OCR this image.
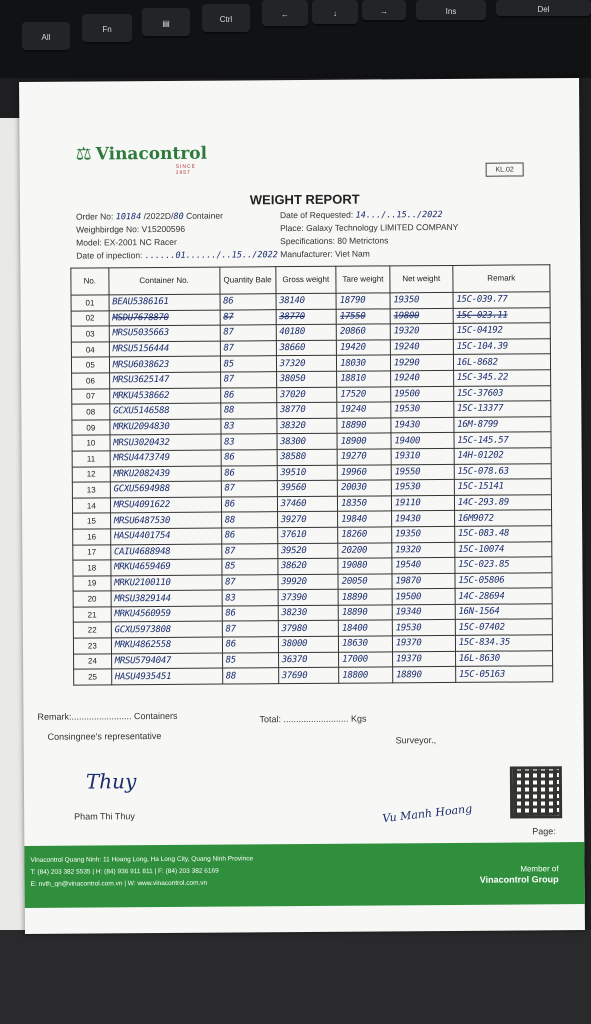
All
Fn
▤	Ctrl
←	↓	→	Ins	Del
⚖ Vinacontrol
SINCE 1957	KL.02
WEIGHT REPORT
Order No: 10184 /2022D/80 Container
Weighbirdge No: V15200596
Model: EX-2001 NC Racer
Date of inpection: ......01....../..15../2022
Date of Requested: 14.../..15../2022
Place: Galaxy Technology LIMITED COMPANY
Specifications: 80 Metrictons
Manufacturer: Viet Nam
No.	Container No.	Quantity Bale	Gross weight	Tare weight	Net weight	Remark
01	BEAU5386161	86	38140	18790	19350	15C-039.77
02	MSDU7678870	87	38770	17550	19800	15C-023.11
03	MRSU5035663	87	40180	20860	19320	15C-04192
04	MRSU5156444	87	38660	19420	19240	15C-104.39
05	MRSU6038623	85	37320	18030	19290	16L-8682
06	MRSU3625147	87	38050	18810	19240	15C-345.22
07	MRKU4538662	86	37020	17520	19500	15C-37603
08	GCXU5146588	88	38770	19240	19530	15C-13377
09	MRKU2094830	83	38320	18890	19430	16M-8799
10	MRSU3020432	83	38300	18900	19400	15C-145.57
11	MRSU4473749	86	38580	19270	19310	14H-01202
12	MRKU2082439	86	39510	19960	19550	15C-078.63
13	GCXU5694988	87	39560	20030	19530	15C-15141
14	MRSU4091622	86	37460	18350	19110	14C-293.89
15	MRSU6487530	88	39270	19840	19430	16M9072
16	HASU4401754	86	37610	18260	19350	15C-083.48
17	CAIU4688948	87	39520	20200	19320	15C-10074
18	MRKU4659469	85	38620	19080	19540	15C-023.85
19	MRKU2100110	87	39920	20050	19870	15C-05806
20	MRSU3829144	83	37390	18890	19500	14C-28694
21	MRKU4560959	86	38230	18890	19340	16N-1564
22	GCXU5973808	87	37980	18400	19530	15C-07402
23	MRKU4862558	86	38000	18630	19370	15C-834.35
24	MRSU5794047	85	36370	17000	19370	16L-8630
25	HASU4935451	88	37690	18800	18890	15C-05163
Remark:........................ Containers	Total: .......................... Kgs
Consingnee's representative
Thuy
Pham Thi Thuy
Surveyor.,
Vu Manh Hoang
Page:
Vinacontrol Quang Ninh: 11 Hoang Long, Ha Long City, Quang Ninh Province
T: (84) 203 382 5535 | H: (84) 936 911 811 | F: (84) 203 382 6169
E: nvth_qn@vinacontrol.com.vn | W: www.vinacontrol.com.vn
Member of
Vinacontrol Group
